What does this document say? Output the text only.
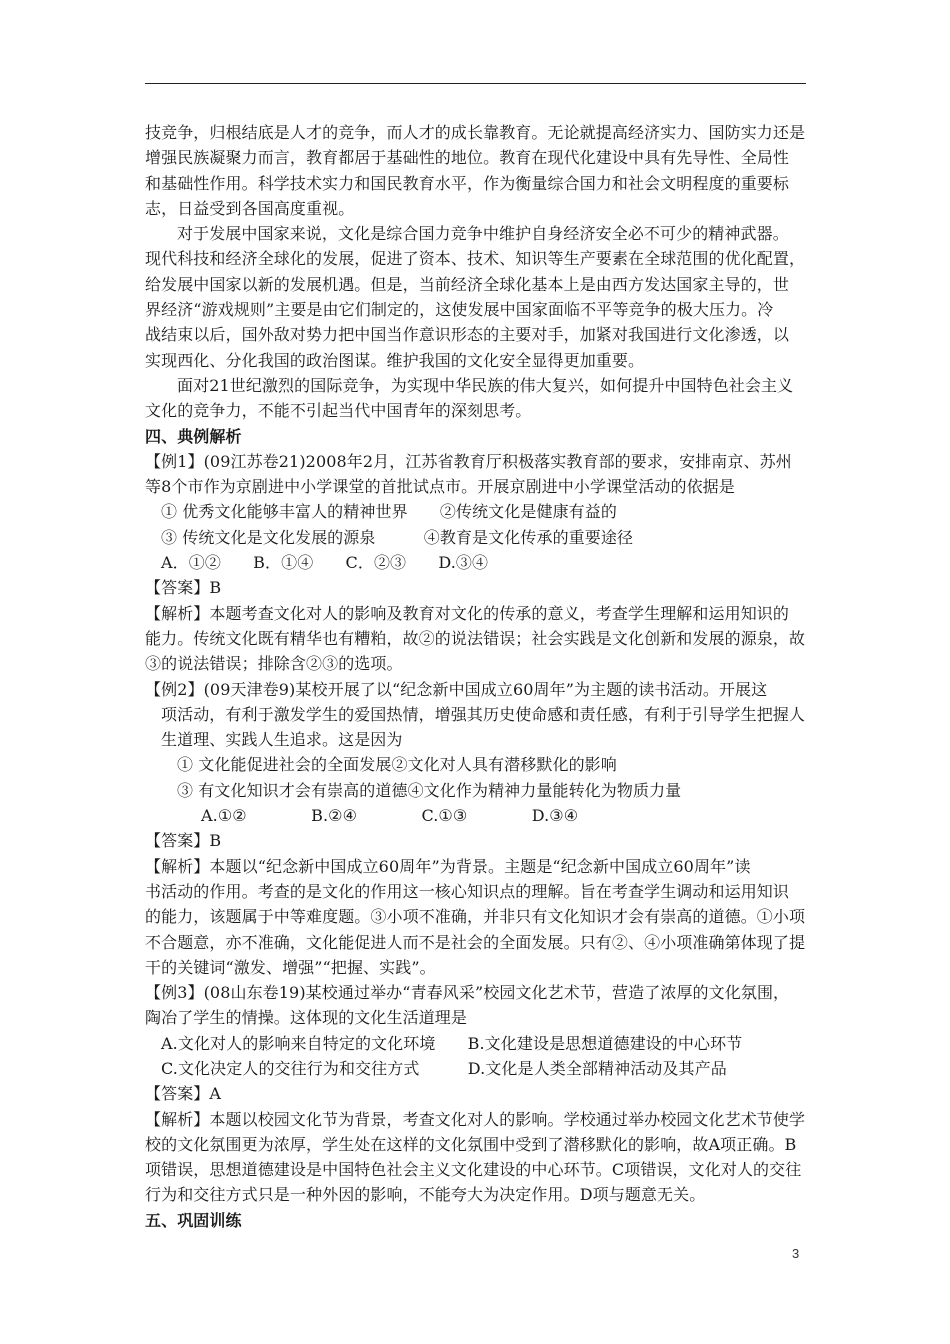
技竞争，归根结底是人才的竞争，而人才的成长靠教育。无论就提高经济实力、国防实力还是
增强民族凝聚力而言，教育都居于基础性的地位。教育在现代化建设中具有先导性、全局性
和基础性作用。科学技术实力和国民教育水平，作为衡量综合国力和社会文明程度的重要标
志，日益受到各国高度重视。
对于发展中国家来说，文化是综合国力竞争中维护自身经济安全必不可少的精神武器。
现代科技和经济全球化的发展，促进了资本、技术、知识等生产要素在全球范围的优化配置，
给发展中国家以新的发展机遇。但是，当前经济全球化基本上是由西方发达国家主导的，世
界经济“游戏规则”主要是由它们制定的，这使发展中国家面临不平等竞争的极大压力。冷
战结束以后，国外敌对势力把中国当作意识形态的主要对手，加紧对我国进行文化渗透，以
实现西化、分化我国的政治图谋。维护我国的文化安全显得更加重要。
面对21世纪激烈的国际竞争，为实现中华民族的伟大复兴，如何提升中国特色社会主义
文化的竞争力，不能不引起当代中国青年的深刻思考。
四、典例解析
【例1】(09江苏卷21)2008年2月，江苏省教育厅积极落实教育部的要求，安排南京、苏州
等8个市作为京剧进中小学课堂的首批试点市。开展京剧进中小学课堂活动的依据是
① 优秀文化能够丰富人的精神世界　　②传统文化是健康有益的
③ 传统文化是文化发展的源泉　　　④教育是文化传承的重要途径
A．①②　　B．①④　　C．②③　　D.③④
【答案】B
【解析】本题考查文化对人的影响及教育对文化的传承的意义，考查学生理解和运用知识的
能力。传统文化既有精华也有糟粕，故②的说法错误；社会实践是文化创新和发展的源泉，故
③的说法错误；排除含②③的选项。
【例2】(09天津卷9)某校开展了以“纪念新中国成立60周年”为主题的读书活动。开展这
项活动，有利于激发学生的爱国热情，增强其历史使命感和责任感，有利于引导学生把握人
生道理、实践人生追求。这是因为
① 文化能促进社会的全面发展②文化对人具有潜移默化的影响
③ 有文化知识才会有崇高的道德④文化作为精神力量能转化为物质力量
A.①②　　　　B.②④　　　　C.①③　　　　D.③④
【答案】B
【解析】本题以“纪念新中国成立60周年”为背景。主题是“纪念新中国成立60周年”读
书活动的作用。考查的是文化的作用这一核心知识点的理解。旨在考查学生调动和运用知识
的能力，该题属于中等难度题。③小项不准确，并非只有文化知识才会有崇高的道德。①小项
不合题意，亦不准确，文化能促进人而不是社会的全面发展。只有②、④小项准确第体现了提
干的关键词“激发、增强”“把握、实践”。
【例3】(08山东卷19)某校通过举办“青春风采”校园文化艺术节，营造了浓厚的文化氛围，
陶冶了学生的情操。这体现的文化生活道理是
A.文化对人的影响来自特定的文化环境　　B.文化建设是思想道德建设的中心环节
C.文化决定人的交往行为和交往方式　　　D.文化是人类全部精神活动及其产品
【答案】A
【解析】本题以校园文化节为背景，考查文化对人的影响。学校通过举办校园文化艺术节使学
校的文化氛围更为浓厚，学生处在这样的文化氛围中受到了潜移默化的影响，故A项正确。B
项错误，思想道德建设是中国特色社会主义文化建设的中心环节。C项错误，文化对人的交往
行为和交往方式只是一种外因的影响，不能夸大为决定作用。D项与题意无关。
五、巩固训练
3
